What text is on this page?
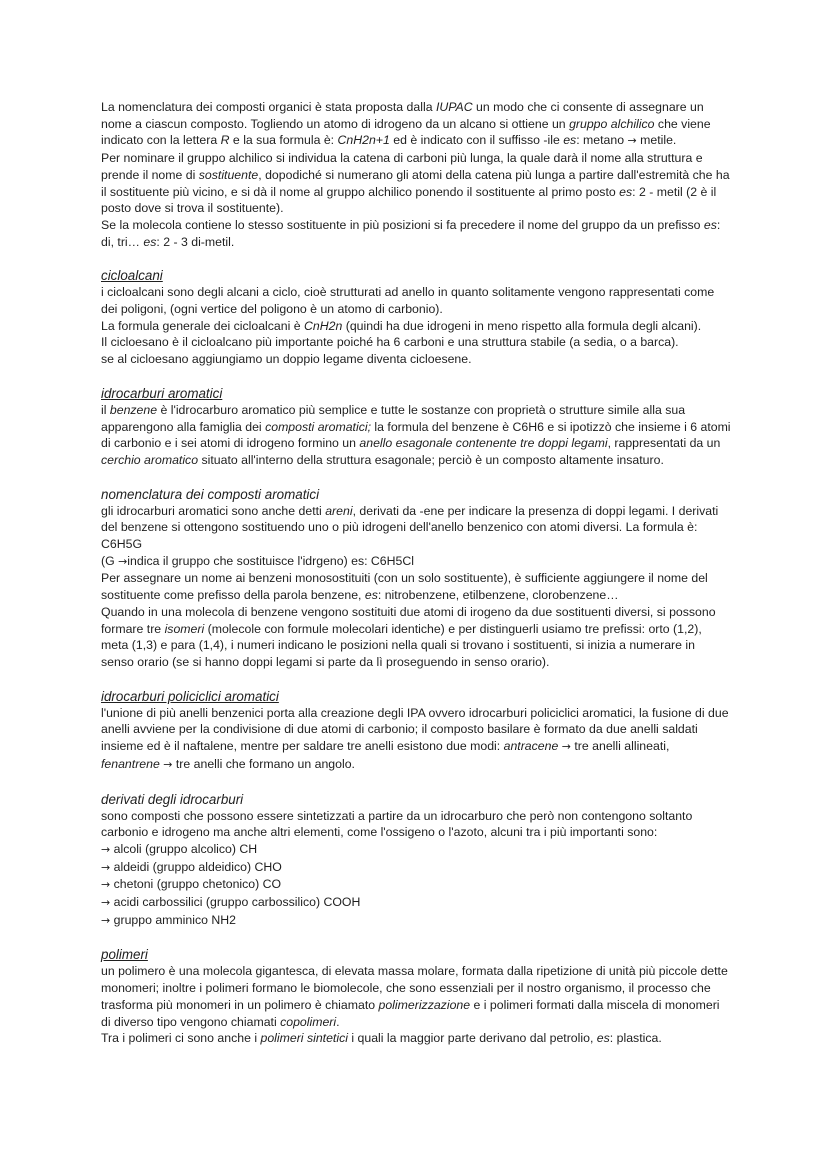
La nomenclatura dei composti organici è stata proposta dalla IUPAC un modo che ci consente di assegnare un nome a ciascun composto. Togliendo un atomo di idrogeno da un alcano si ottiene un gruppo alchilico che viene indicato con la lettera R e la sua formula è: CnH2n+1 ed è indicato con il suffisso -ile es: metano → metile.

Per nominare il gruppo alchilico si individua la catena di carboni più lunga, la quale darà il nome alla struttura e prende il nome di sostituente, dopodiché si numerano gli atomi della catena più lunga a partire dall'estremità che ha il sostituente più vicino, e si dà il nome al gruppo alchilico ponendo il sostituente al primo posto es: 2 - metil (2 è il posto dove si trova il sostituente).

Se la molecola contiene lo stesso sostituente in più posizioni si fa precedere il nome del gruppo da un prefisso es: di, tri… es: 2 - 3 di-metil.

cicloalcani

i cicloalcani sono degli alcani a ciclo, cioè strutturati ad anello in quanto solitamente vengono rappresentati come dei poligoni, (ogni vertice del poligono è un atomo di carbonio).

La formula generale dei cicloalcani è CnH2n (quindi ha due idrogeni in meno rispetto alla formula degli alcani).

Il cicloesano è il cicloalcano più importante poiché ha 6 carboni e una struttura stabile (a sedia, o a barca).

se al cicloesano aggiungiamo un doppio legame diventa cicloesene.

idrocarburi aromatici

il benzene è l'idrocarburo aromatico più semplice e tutte le sostanze con proprietà o strutture simile alla sua apparengono alla famiglia dei composti aromatici; la formula del benzene è C6H6 e si ipotizzò che insieme i 6 atomi di carbonio e i sei atomi di idrogeno formino un anello esagonale contenente tre doppi legami, rappresentati da un cerchio aromatico situato all'interno della struttura esagonale; perciò è un composto altamente insaturo.

nomenclatura dei composti aromatici

gli idrocarburi aromatici sono anche detti areni, derivati da -ene per indicare la presenza di doppi legami. I derivati del benzene si ottengono sostituendo uno o più idrogeni dell'anello benzenico con atomi diversi. La formula è: C6H5G

(G →indica il gruppo che sostituisce l'idrgeno) es: C6H5Cl

Per assegnare un nome ai benzeni monosostituiti (con un solo sostituente), è sufficiente aggiungere il nome del sostituente come prefisso della parola benzene, es: nitrobenzene, etilbenzene, clorobenzene…

Quando in una molecola di benzene vengono sostituiti due atomi di irogeno da due sostituenti diversi, si possono formare tre isomeri (molecole con formule molecolari identiche) e per distinguerli usiamo tre prefissi: orto (1,2), meta (1,3) e para (1,4), i numeri indicano le posizioni nella quali si trovano i sostituenti, si inizia a numerare in senso orario (se si hanno doppi legami si parte da lì proseguendo in senso orario).

idrocarburi policiclici aromatici

l'unione di più anelli benzenici porta alla creazione degli IPA ovvero idrocarburi policiclici aromatici, la fusione di due anelli avviene per la condivisione di due atomi di carbonio; il composto basilare è formato da due anelli saldati insieme ed è il naftalene, mentre per saldare tre anelli esistono due modi: antracene → tre anelli allineati, fenantrene → tre anelli che formano un angolo.

derivati degli idrocarburi

sono composti che possono essere sintetizzati a partire da un idrocarburo che però non contengono soltanto carbonio e idrogeno ma anche altri elementi, come l'ossigeno o l'azoto, alcuni tra i più importanti sono:

→ alcoli (gruppo alcolico) CH

→ aldeidi (gruppo aldeidico) CHO

→ chetoni (gruppo chetonico) CO

→ acidi carbossilici (gruppo carbossilico) COOH

→ gruppo amminico NH2

polimeri

un polimero è una molecola gigantesca, di elevata massa molare, formata dalla ripetizione di unità più piccole dette monomeri; inoltre i polimeri formano le biomolecole, che sono essenziali per il nostro organismo, il processo che trasforma più monomeri in un polimero è chiamato polimerizzazione e i polimeri formati dalla miscela di monomeri di diverso tipo vengono chiamati copolimeri.

Tra i polimeri ci sono anche i polimeri sintetici i quali la maggior parte derivano dal petrolio, es: plastica.
